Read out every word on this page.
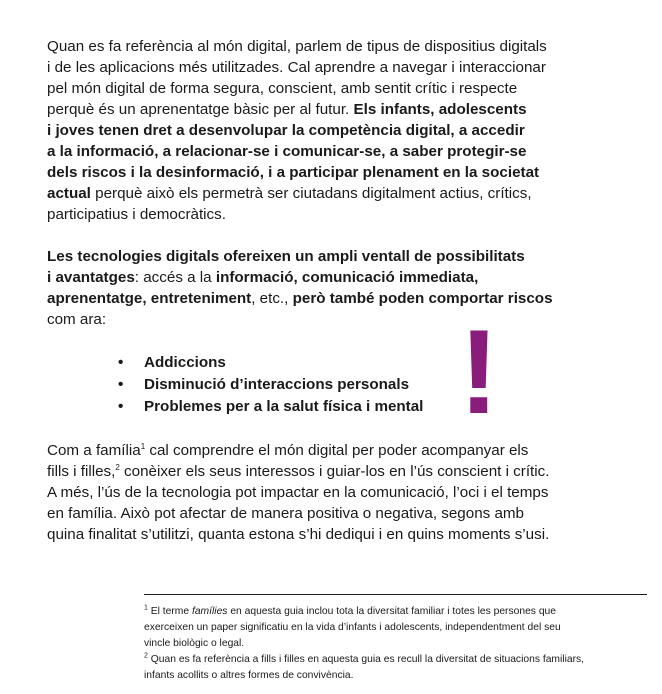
Quan es fa referència al món digital, parlem de tipus de dispositius digitals
i de les aplicacions més utilitzades. Cal aprendre a navegar i interaccionar
pel món digital de forma segura, conscient, amb sentit crític i respecte
perquè és un aprenentatge bàsic per al futur. Els infants, adolescents
i joves tenen dret a desenvolupar la competència digital, a accedir
a la informació, a relacionar-se i comunicar-se, a saber protegir-se
dels riscos i la desinformació, i a participar plenament en la societat
actual perquè això els permetrà ser ciutadans digitalment actius, crítics,
participatius i democràtics.
Les tecnologies digitals ofereixen un ampli ventall de possibilitats
i avantatges: accés a la informació, comunicació immediata,
aprenentatge, entreteniment, etc., però també poden comportar riscos
com ara:
• Addiccions
• Disminució d’interaccions personals
• Problemes per a la salut física i mental !
Com a família$^1$ cal comprendre el món digital per poder acompanyar els
fills i filles,$^2$ conèixer els seus interessos i guiar-los en l’ús conscient i crític.
A més, l’ús de la tecnologia pot impactar en la comunicació, l’oci i el temps
en família. Això pot afectar de manera positiva o negativa, segons amb
quina finalitat s’utilitzi, quanta estona s’hi dediqui i en quins moments s’usi.
$^1$ El terme famílies en aquesta guia inclou tota la diversitat familiar i totes les persones que
exerceixen un paper significatiu en la vida d’infants i adolescents, independentment del seu
vincle biològic o legal.
$^2$ Quan es fa referència a fills i filles en aquesta guia es recull la diversitat de situacions familiars,
infants acollits o altres formes de convivència.
